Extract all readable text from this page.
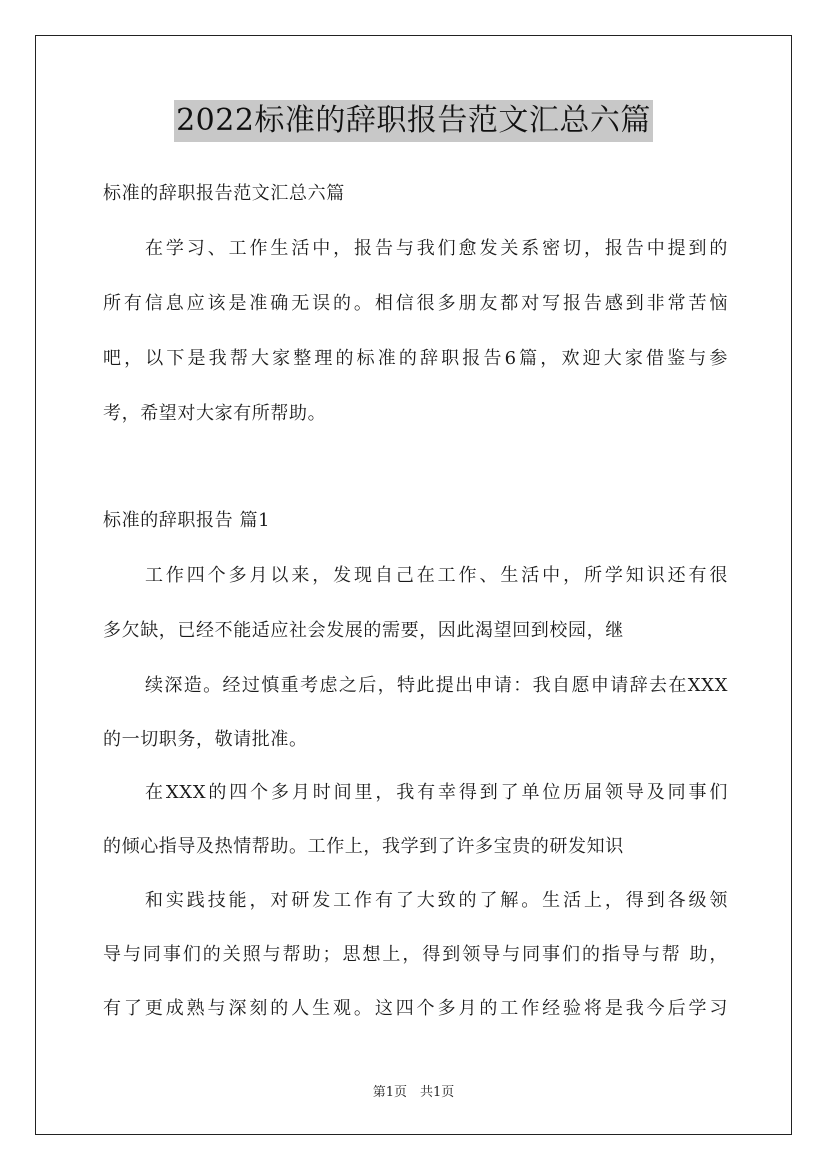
2022标准的辞职报告范文汇总六篇
标准的辞职报告范文汇总六篇
在学习、工作生活中，报告与我们愈发关系密切，报告中提到的
所有信息应该是准确无误的。相信很多朋友都对写报告感到非常苦恼
吧，以下是我帮大家整理的标准的辞职报告6篇，欢迎大家借鉴与参
考，希望对大家有所帮助。
标准的辞职报告 篇1
工作四个多月以来，发现自己在工作、生活中，所学知识还有很
多欠缺，已经不能适应社会发展的需要，因此渴望回到校园，继
续深造。经过慎重考虑之后，特此提出申请：我自愿申请辞去在XXX
的一切职务，敬请批准。
在XXX的四个多月时间里，我有幸得到了单位历届领导及同事们
的倾心指导及热情帮助。工作上，我学到了许多宝贵的研发知识
和实践技能，对研发工作有了大致的了解。生活上，得到各级领
导与同事们的关照与帮助；思想上，得到领导与同事们的指导与帮 助，
有了更成熟与深刻的人生观。这四个多月的工作经验将是我今后学习
第1页　共1页
